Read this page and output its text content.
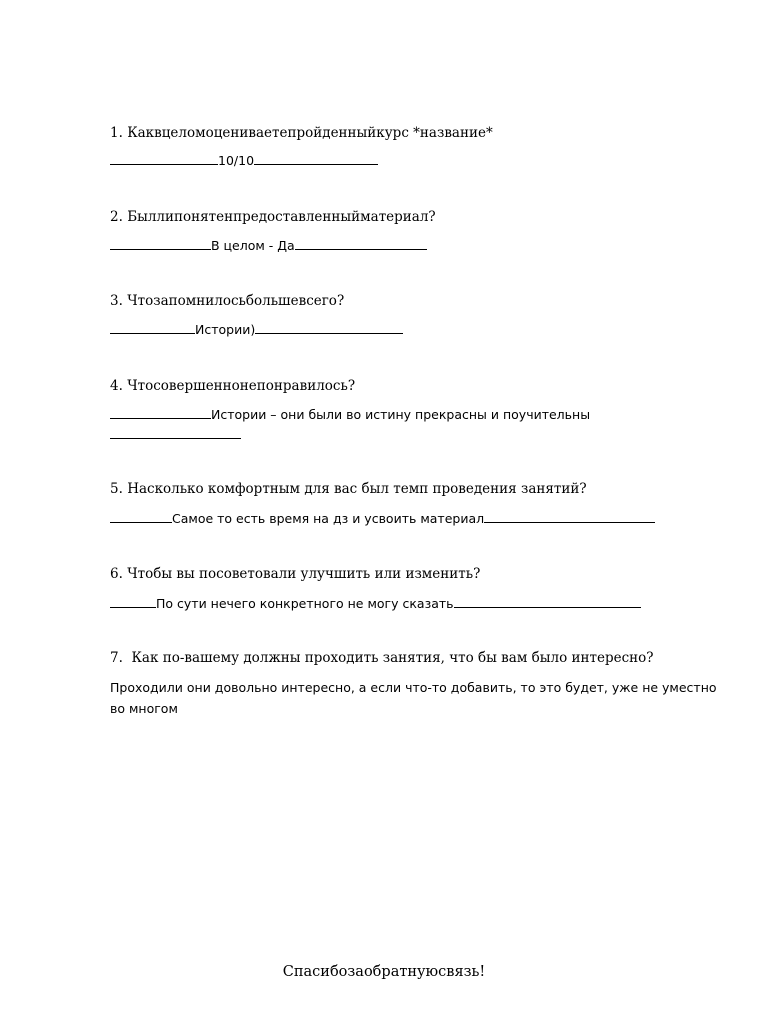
1. Каквцеломоцениваетепройденныйкурс *название*
10/10
2. Быллипонятенпредоставленныйматериал?
В целом - Да
3. Чтозапомнилосьбольшевсего?
Истории)
4. Чтосовершеннонепонравилось?
Истории – они были во истину прекрасны и поучительны
5. Насколько комфортным для вас был темп проведения занятий?
Самое то есть время на дз и усвоить материал
6. Чтобы вы посоветовали улучшить или изменить?
По сути нечего конкретного не могу сказать
7. Как по-вашему должны проходить занятия, что бы вам было интересно?
Проходили они довольно интересно, а если что-то добавить, то это будет, уже не уместно во многом
Спасибозаобратнуюсвязь!
